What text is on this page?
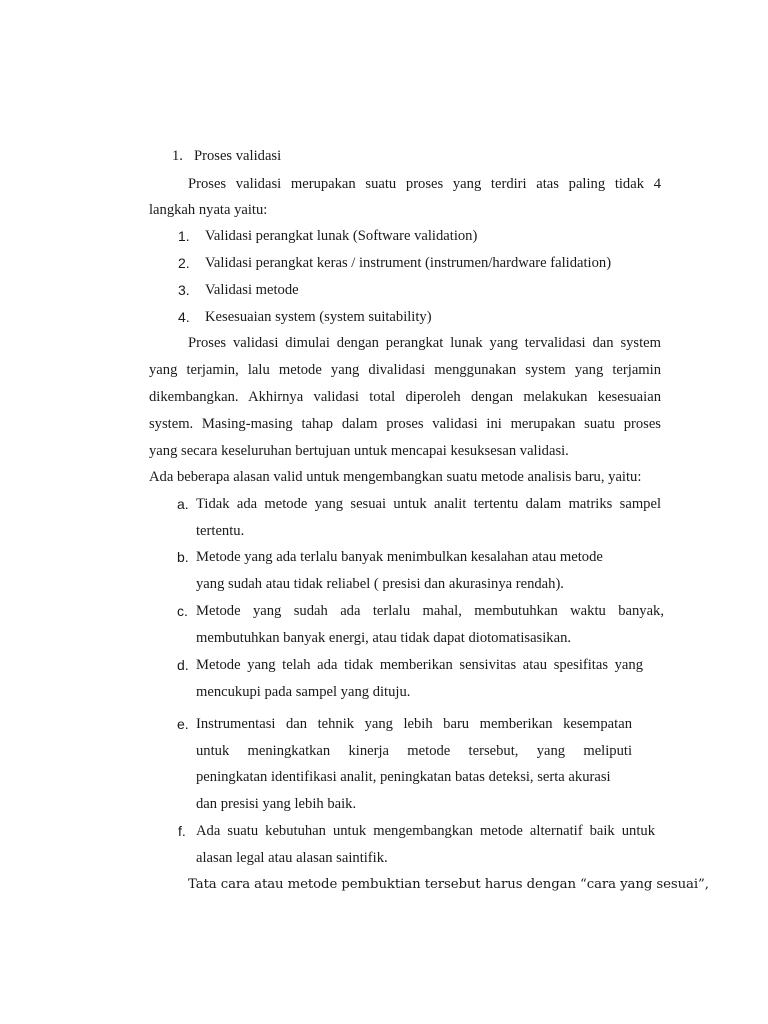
1. Proses validasi
Proses validasi merupakan suatu proses yang terdiri atas paling tidak 4
langkah nyata yaitu:
1. Validasi perangkat lunak (Software validation)
2. Validasi perangkat keras / instrument (instrumen/hardware falidation)
3. Validasi metode
4. Kesesuaian system (system suitability)
Proses validasi dimulai dengan perangkat lunak yang tervalidasi dan system
yang terjamin, lalu metode yang divalidasi menggunakan system yang terjamin
dikembangkan. Akhirnya validasi total diperoleh dengan melakukan kesesuaian
system. Masing-masing tahap dalam proses validasi ini merupakan suatu proses
yang secara keseluruhan bertujuan untuk mencapai kesuksesan validasi.
Ada beberapa alasan valid untuk mengembangkan suatu metode analisis baru, yaitu:
a. Tidak ada metode yang sesuai untuk analit tertentu dalam matriks sampel
tertentu.
b. Metode yang ada terlalu banyak menimbulkan kesalahan atau metode
yang sudah atau tidak reliabel ( presisi dan akurasinya rendah).
c. Metode yang sudah ada terlalu mahal, membutuhkan waktu banyak,
membutuhkan banyak energi, atau tidak dapat diotomatisasikan.
d. Metode yang telah ada tidak memberikan sensivitas atau spesifitas yang
mencukupi pada sampel yang dituju.
e. Instrumentasi dan tehnik yang lebih baru memberikan kesempatan
untuk meningkatkan kinerja metode tersebut, yang meliputi
peningkatan identifikasi analit, peningkatan batas deteksi, serta akurasi
dan presisi yang lebih baik.
f. Ada suatu kebutuhan untuk mengembangkan metode alternatif baik untuk
alasan legal atau alasan saintifik.
Tata cara atau metode pembuktian tersebut harus dengan “cara yang sesuai”,
